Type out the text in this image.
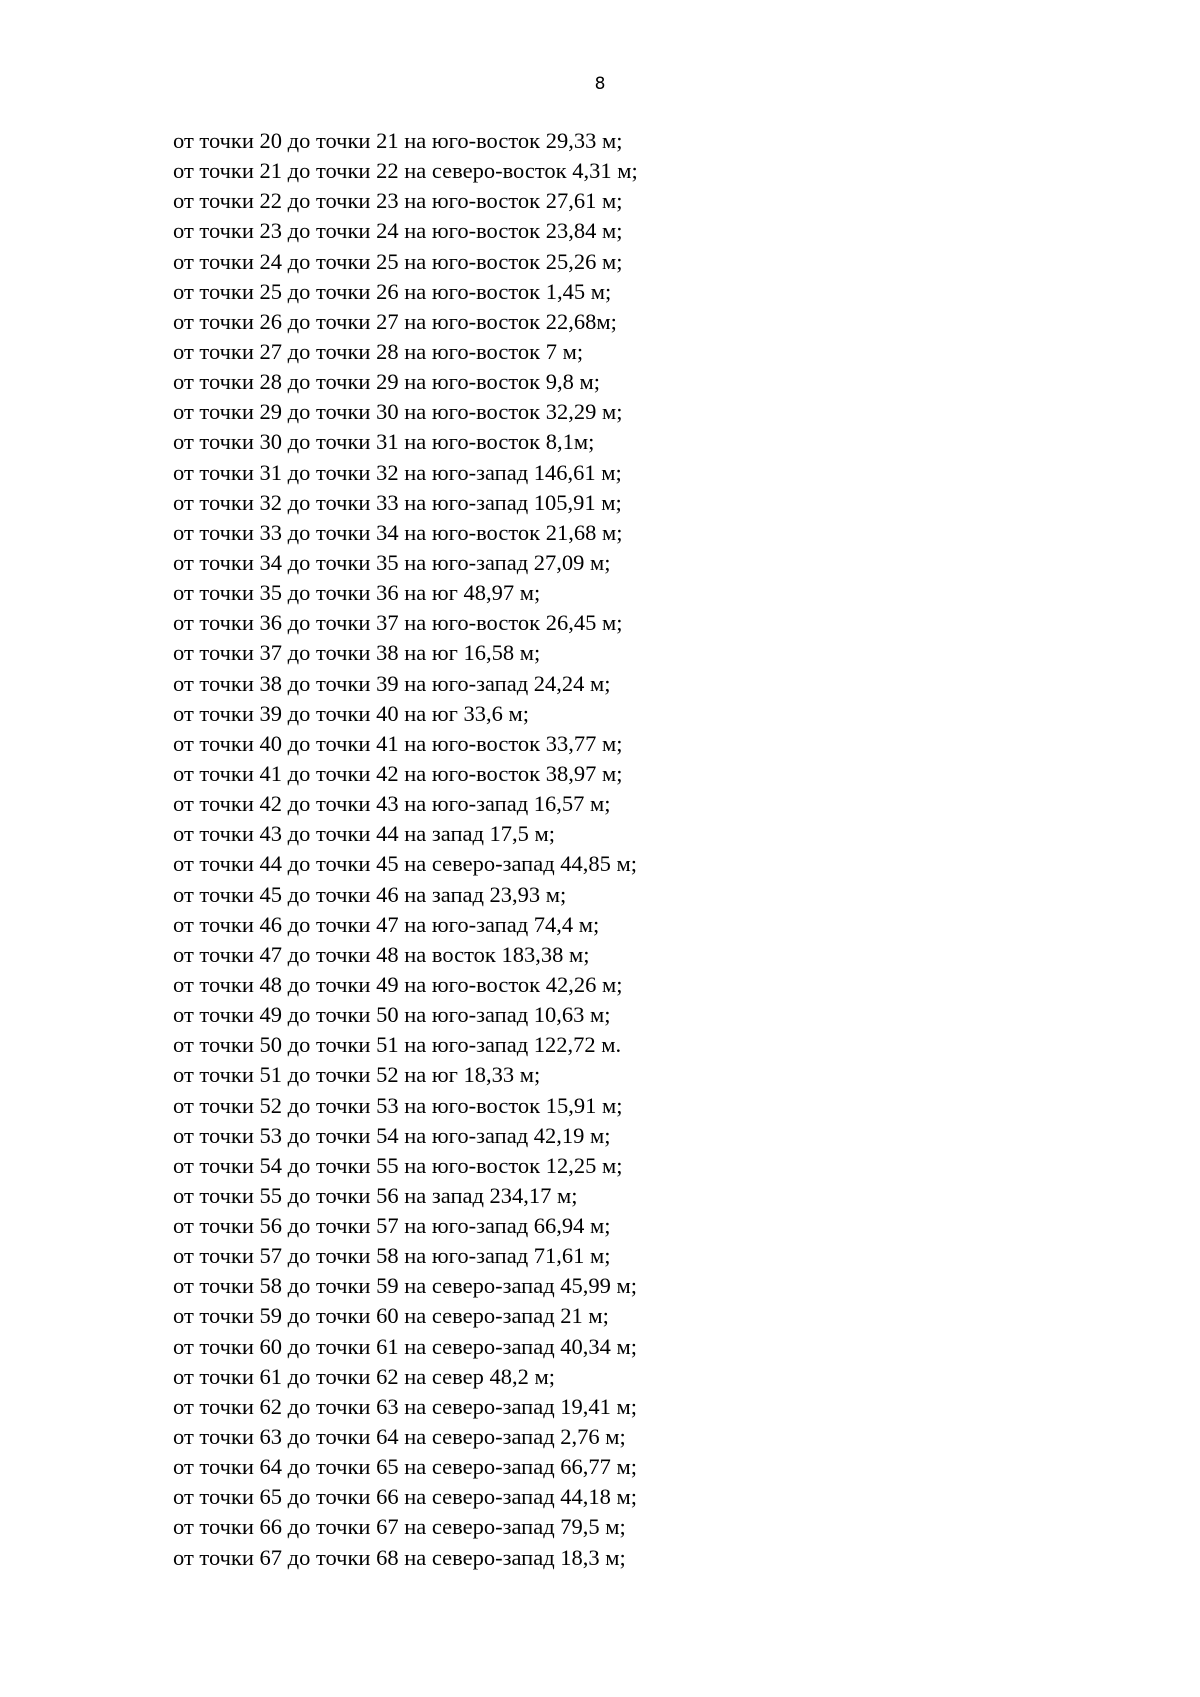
8
от точки 20 до точки 21 на юго-восток 29,33 м;
от точки 21 до точки 22 на северо-восток 4,31 м;
от точки 22 до точки 23 на юго-восток 27,61 м;
от точки 23 до точки 24 на юго-восток 23,84 м;
от точки 24 до точки 25 на юго-восток 25,26 м;
от точки 25 до точки 26 на юго-восток 1,45 м;
от точки 26 до точки 27 на юго-восток 22,68м;
от точки 27 до точки 28 на юго-восток 7 м;
от точки 28 до точки 29 на юго-восток 9,8 м;
от точки 29 до точки 30 на юго-восток 32,29 м;
от точки 30 до точки 31 на юго-восток 8,1м;
от точки 31 до точки 32 на юго-запад 146,61 м;
от точки 32 до точки 33 на юго-запад 105,91 м;
от точки 33 до точки 34 на юго-восток 21,68 м;
от точки 34 до точки 35 на юго-запад 27,09 м;
от точки 35 до точки 36 на юг 48,97 м;
от точки 36 до точки 37 на юго-восток 26,45 м;
от точки 37 до точки 38 на юг 16,58 м;
от точки 38 до точки 39 на юго-запад 24,24 м;
от точки 39 до точки 40 на юг 33,6 м;
от точки 40 до точки 41 на юго-восток 33,77 м;
от точки 41 до точки 42 на юго-восток 38,97 м;
от точки 42 до точки 43 на юго-запад 16,57 м;
от точки 43 до точки 44 на запад 17,5 м;
от точки 44 до точки 45 на северо-запад 44,85 м;
от точки 45 до точки 46 на запад 23,93 м;
от точки 46 до точки 47 на юго-запад 74,4 м;
от точки 47 до точки 48 на восток 183,38 м;
от точки 48 до точки 49 на юго-восток 42,26 м;
от точки 49 до точки 50 на юго-запад 10,63 м;
от точки 50 до точки 51 на юго-запад 122,72 м.
от точки 51 до точки 52 на юг 18,33 м;
от точки 52 до точки 53 на юго-восток 15,91 м;
от точки 53 до точки 54 на юго-запад 42,19 м;
от точки 54 до точки 55 на юго-восток 12,25 м;
от точки 55 до точки 56 на запад 234,17 м;
от точки 56 до точки 57 на юго-запад 66,94 м;
от точки 57 до точки 58 на юго-запад 71,61 м;
от точки 58 до точки 59 на северо-запад 45,99 м;
от точки 59 до точки 60 на северо-запад 21 м;
от точки 60 до точки 61 на северо-запад 40,34 м;
от точки 61 до точки 62 на север 48,2 м;
от точки 62 до точки 63 на северо-запад 19,41 м;
от точки 63 до точки 64 на северо-запад 2,76 м;
от точки 64 до точки 65 на северо-запад 66,77 м;
от точки 65 до точки 66 на северо-запад 44,18 м;
от точки 66 до точки 67 на северо-запад 79,5 м;
от точки 67 до точки 68 на северо-запад 18,3 м;
